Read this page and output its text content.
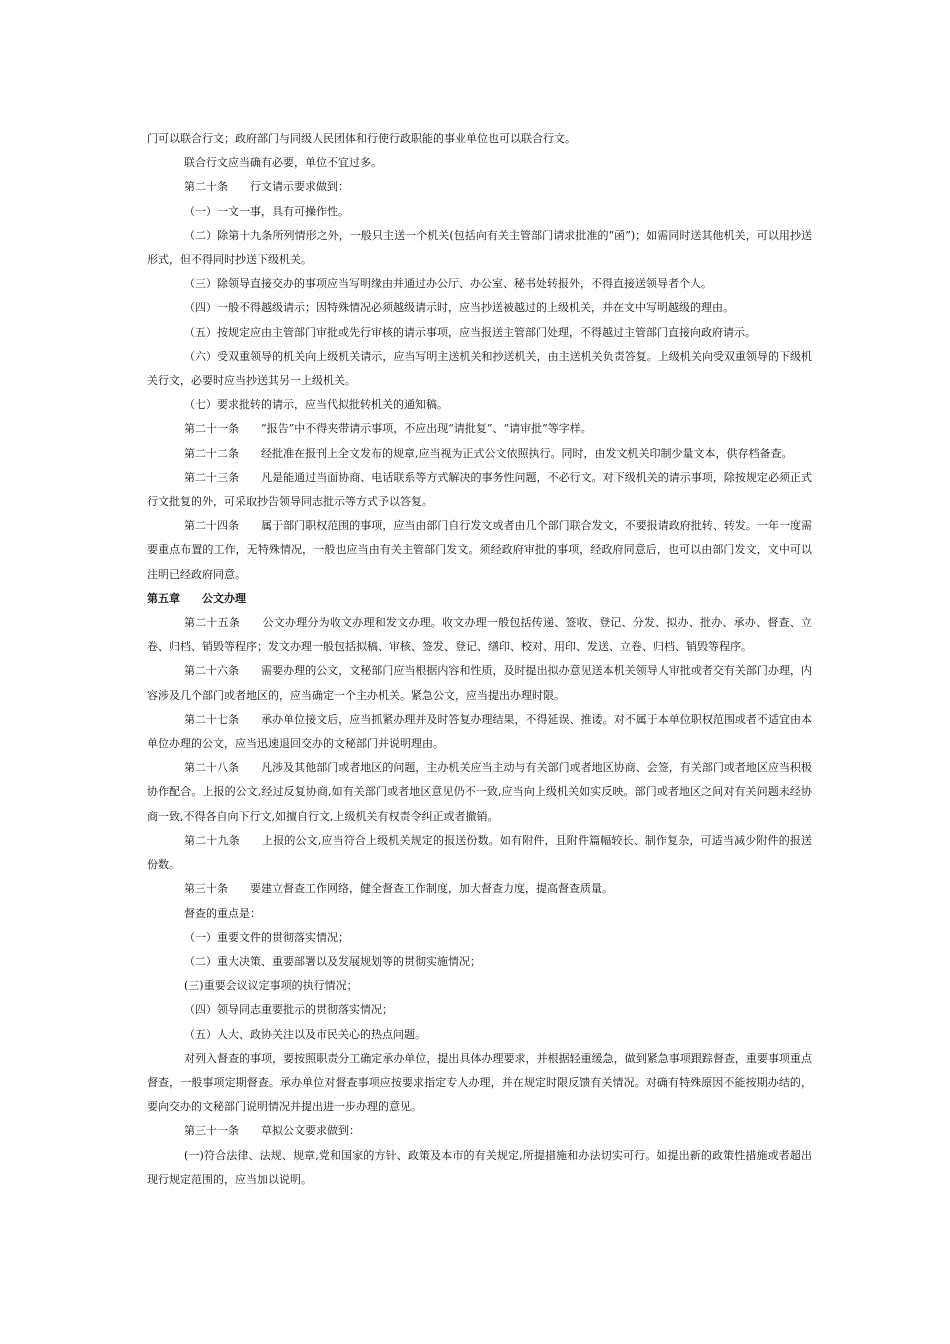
门可以联合行文；政府部门与同级人民团体和行使行政职能的事业单位也可以联合行文。

联合行文应当确有必要，单位不宜过多。

第二十条　　行文请示要求做到：

（一）一文一事，具有可操作性。

（二）除第十九条所列情形之外，一般只主送一个机关(包括向有关主管部门请求批准的“函”)；如需同时送其他机关，可以用抄送形式，但不得同时抄送下级机关。

（三）除领导直接交办的事项应当写明缘由并通过办公厅、办公室、秘书处转报外，不得直接送领导者个人。

（四）一般不得越级请示；因特殊情况必须越级请示时，应当抄送被越过的上级机关，并在文中写明越级的理由。

（五）按规定应由主管部门审批或先行审核的请示事项，应当报送主管部门处理，不得越过主管部门直接向政府请示。

（六）受双重领导的机关向上级机关请示，应当写明主送机关和抄送机关，由主送机关负责答复。上级机关向受双重领导的下级机关行文，必要时应当抄送其另一上级机关。

（七）要求批转的请示，应当代拟批转机关的通知稿。

第二十一条　　“报告”中不得夹带请示事项，不应出现“请批复”、“请审批”等字样。

第二十二条　　经批准在报刊上全文发布的规章,应当视为正式公文依照执行。同时，由发文机关印制少量文本，供存档备查。

第二十三条　　凡是能通过当面协商、电话联系等方式解决的事务性问题，不必行文。对下级机关的请示事项，除按规定必须正式行文批复的外，可采取抄告领导同志批示等方式予以答复。

第二十四条　　属于部门职权范围的事项，应当由部门自行发文或者由几个部门联合发文，不要报请政府批转、转发。一年一度需要重点布置的工作，无特殊情况，一般也应当由有关主管部门发文。须经政府审批的事项，经政府同意后，也可以由部门发文，文中可以注明已经政府同意。

第五章　　公文办理

第二十五条　　公文办理分为收文办理和发文办理。收文办理一般包括传递、签收、登记、分发、拟办、批办、承办、督查、立卷、归档、销毁等程序；发文办理一般包括拟稿、审核、签发、登记、缮印、校对、用印、发送、立卷、归档、销毁等程序。

第二十六条　　需要办理的公文，文秘部门应当根据内容和性质，及时提出拟办意见送本机关领导人审批或者交有关部门办理，内容涉及几个部门或者地区的，应当确定一个主办机关。紧急公文，应当提出办理时限。

第二十七条　　承办单位接文后，应当抓紧办理并及时答复办理结果，不得延误、推诿。对不属于本单位职权范围或者不适宜由本单位办理的公文，应当迅速退回交办的文秘部门并说明理由。

第二十八条　　凡涉及其他部门或者地区的问题，主办机关应当主动与有关部门或者地区协商、会签，有关部门或者地区应当积极协作配合。上报的公文,经过反复协商,如有关部门或者地区意见仍不一致,应当向上级机关如实反映。部门或者地区之间对有关问题未经协商一致,不得各自向下行文,如擅自行文,上级机关有权责令纠正或者撤销。

第二十九条　　上报的公文,应当符合上级机关规定的报送份数。如有附件，且附件篇幅较长、制作复杂，可适当减少附件的报送份数。

第三十条　　要建立督查工作网络，健全督查工作制度，加大督查力度，提高督查质量。

督查的重点是：

（一）重要文件的贯彻落实情况；

（二）重大决策、重要部署以及发展规划等的贯彻实施情况；

(三)重要会议议定事项的执行情况；

（四）领导同志重要批示的贯彻落实情况；

（五）人大、政协关注以及市民关心的热点问题。

对列入督查的事项，要按照职责分工确定承办单位，提出具体办理要求，并根据轻重缓急，做到紧急事项跟踪督查，重要事项重点督查，一般事项定期督查。承办单位对督查事项应按要求指定专人办理，并在规定时限反馈有关情况。对确有特殊原因不能按期办结的，要向交办的文秘部门说明情况并提出进一步办理的意见。

第三十一条　　草拟公文要求做到：

(一)符合法律、法规、规章,党和国家的方针、政策及本市的有关规定,所提措施和办法切实可行。如提出新的政策性措施或者超出现行规定范围的，应当加以说明。
